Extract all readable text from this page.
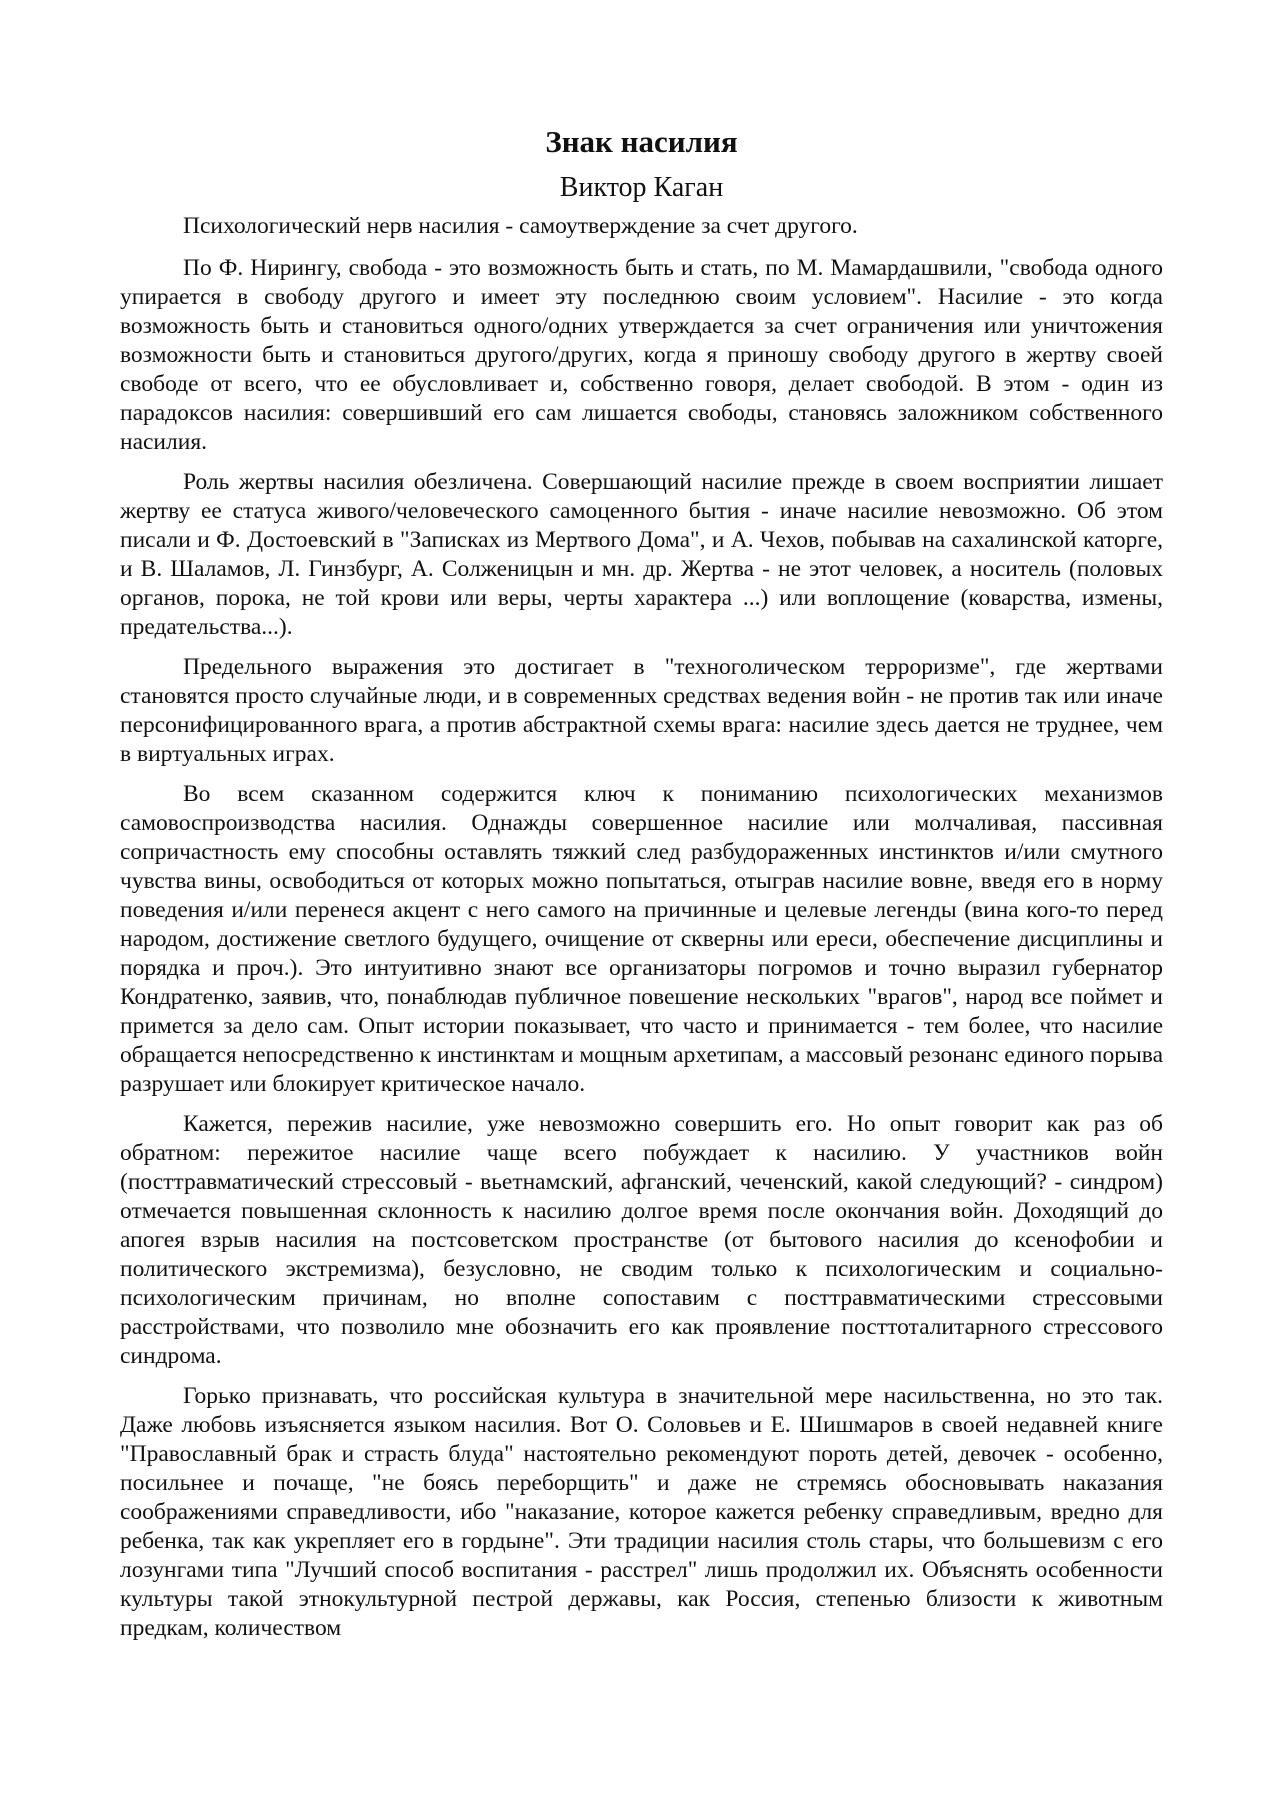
Знак насилия
Виктор Каган

Психологический нерв насилия - самоутверждение за счет другого.

По Ф. Нирингу, свобода - это возможность быть и стать, по М. Мамардашвили, "свобода одного упирается в свободу другого и имеет эту последнюю своим условием". Насилие - это когда возможность быть и становиться одного/одних утверждается за счет ограничения или уничтожения возможности быть и становиться другого/других, когда я приношу свободу другого в жертву своей свободе от всего, что ее обусловливает и, собственно говоря, делает свободой. В этом - один из парадоксов насилия: совершивший его сам лишается свободы, становясь заложником собственного насилия.

Роль жертвы насилия обезличена. Совершающий насилие прежде в своем восприятии лишает жертву ее статуса живого/человеческого самоценного бытия - иначе насилие невозможно. Об этом писали и Ф. Достоевский в "Записках из Мертвого Дома", и А. Чехов, побывав на сахалинской каторге, и В. Шаламов, Л. Гинзбург, А. Солженицын и мн. др. Жертва - не этот человек, а носитель (половых органов, порока, не той крови или веры, черты характера ...) или воплощение (коварства, измены, предательства...).

Предельного выражения это достигает в "техноголическом терроризме", где жертвами становятся просто случайные люди, и в современных средствах ведения войн - не против так или иначе персонифицированного врага, а против абстрактной схемы врага: насилие здесь дается не труднее, чем в виртуальных играх.

Во всем сказанном содержится ключ к пониманию психологических механизмов самовоспроизводства насилия. Однажды совершенное насилие или молчаливая, пассивная сопричастность ему способны оставлять тяжкий след разбудораженных инстинктов и/или смутного чувства вины, освободиться от которых можно попытаться, отыграв насилие вовне, введя его в норму поведения и/или перенеся акцент с него самого на причинные и целевые легенды (вина кого-то перед народом, достижение светлого будущего, очищение от скверны или ереси, обеспечение дисциплины и порядка и проч.). Это интуитивно знают все организаторы погромов и точно выразил губернатор Кондратенко, заявив, что, понаблюдав публичное повешение нескольких "врагов", народ все поймет и примется за дело сам. Опыт истории показывает, что часто и принимается - тем более, что насилие обращается непосредственно к инстинктам и мощным архетипам, а массовый резонанс единого порыва разрушает или блокирует критическое начало.

Кажется, пережив насилие, уже невозможно совершить его. Но опыт говорит как раз об обратном: пережитое насилие чаще всего побуждает к насилию. У участников войн (посттравматический стрессовый - вьетнамский, афганский, чеченский, какой следующий? - синдром) отмечается повышенная склонность к насилию долгое время после окончания войн. Доходящий до апогея взрыв насилия на постсоветском пространстве (от бытового насилия до ксенофобии и политического экстремизма), безусловно, не сводим только к психологическим и социально-психологическим причинам, но вполне сопоставим с посттравматическими стрессовыми расстройствами, что позволило мне обозначить его как проявление посттоталитарного стрессового синдрома.

Горько признавать, что российская культура в значительной мере насильственна, но это так. Даже любовь изъясняется языком насилия. Вот О. Соловьев и Е. Шишмаров в своей недавней книге "Православный брак и страсть блуда" настоятельно рекомендуют пороть детей, девочек - особенно, посильнее и почаще, "не боясь переборщить" и даже не стремясь обосновывать наказания соображениями справедливости, ибо "наказание, которое кажется ребенку справедливым, вредно для ребенка, так как укрепляет его в гордыне". Эти традиции насилия столь стары, что большевизм с его лозунгами типа "Лучший способ воспитания - расстрел" лишь продолжил их. Объяснять особенности культуры такой этнокультурной пестрой державы, как Россия, степенью близости к животным предкам, количеством
